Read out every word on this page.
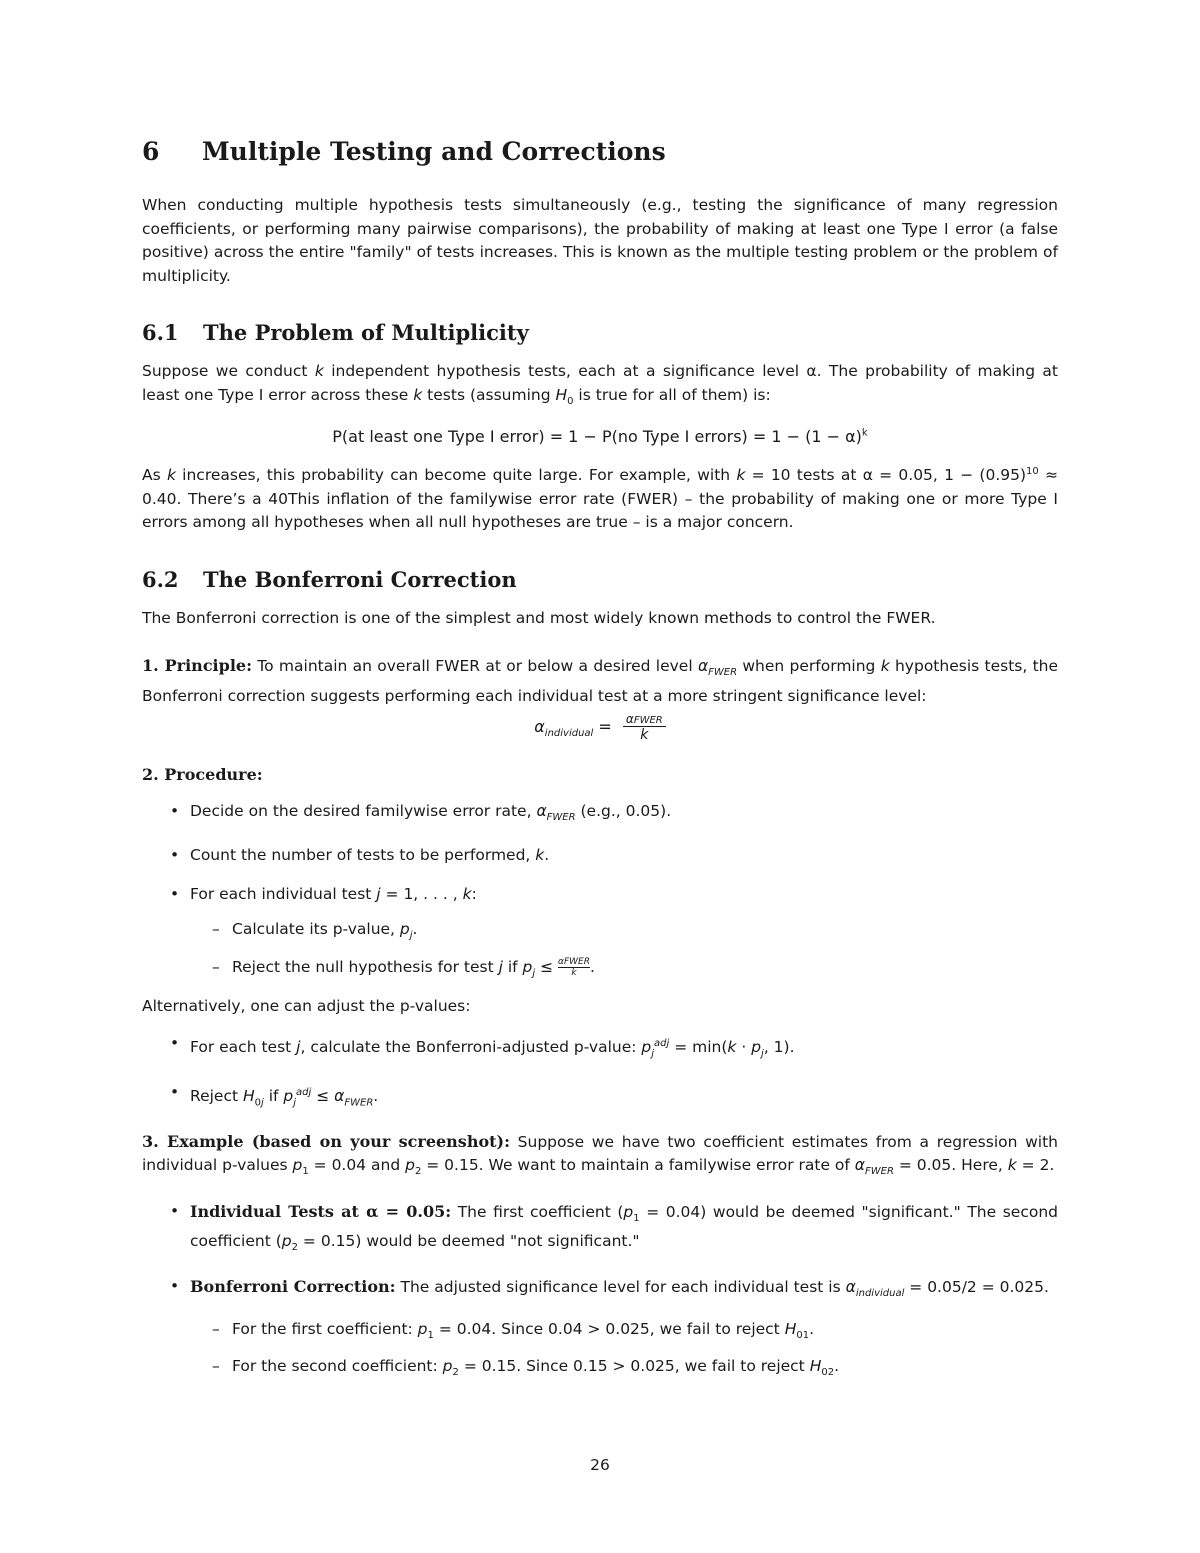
6 Multiple Testing and Corrections

When conducting multiple hypothesis tests simultaneously (e.g., testing the significance of many regression coefficients, or performing many pairwise comparisons), the probability of making at least one Type I error (a false positive) across the entire "family" of tests increases. This is known as the multiple testing problem or the problem of multiplicity.

6.1 The Problem of Multiplicity

Suppose we conduct k independent hypothesis tests, each at a significance level α. The probability of making at least one Type I error across these k tests (assuming $H_0$ is true for all of them) is:

P(at least one Type I error) = 1 − P(no Type I errors) = $1 - (1 - \alpha)^k$

As k increases, this probability can become quite large. For example, with k = 10 tests at α = 0.05, $1 - (0.95)^{10} \approx 0.40$. There’s a 40This inflation of the familywise error rate (FWER) – the probability of making one or more Type I errors among all hypotheses when all null hypotheses are true – is a major concern.

6.2 The Bonferroni Correction

The Bonferroni correction is one of the simplest and most widely known methods to control the FWER.

1. Principle: To maintain an overall FWER at or below a desired level $\alpha_{FWER}$ when performing k hypothesis tests, the Bonferroni correction suggests performing each individual test at a more stringent significance level:

$\alpha_{individual} = \frac{\text{αFWER}}{k}$

2. Procedure:

• Decide on the desired familywise error rate, $\alpha_{FWER}$ (e.g., 0.05).
• Count the number of tests to be performed, k.
• For each individual test j = 1, . . . , k:
– Calculate its p-value, $p_j$.
– Reject the null hypothesis for test j if $p_j$ ≤ αFWER
k .

Alternatively, one can adjust the p-values:

• For each test j, calculate the Bonferroni-adjusted p-value: $p_j^{adj} = \min(k \cdot p_j$, 1).
• Reject $H_{0j}$ if $p_j^{adj} \le \alpha_{FWER}$.

3. Example (based on your screenshot): Suppose we have two coefficient estimates from a regression with individual p-values $p_1 = 0.04$ and $p_2 = 0.15$. We want to maintain a familywise error rate of $\alpha_{FWER} = 0.05$. Here, k = 2.

• Individual Tests at α = 0.05: The first coefficient $(p_1 = 0.04)$ would be deemed "significant." The second coefficient $(p_2 = 0.15)$ would be deemed "not significant."
• Bonferroni Correction: The adjusted significance level for each individual test is $\alpha_{individual} = 0.05/2 = 0.025$.
– For the first coefficient: $p_1 = 0.04$. Since 0.04 > 0.025, we fail to reject $H_{01}$.
– For the second coefficient: $p_2 = 0.15$. Since 0.15 > 0.025, we fail to reject $H_{02}$.
26
